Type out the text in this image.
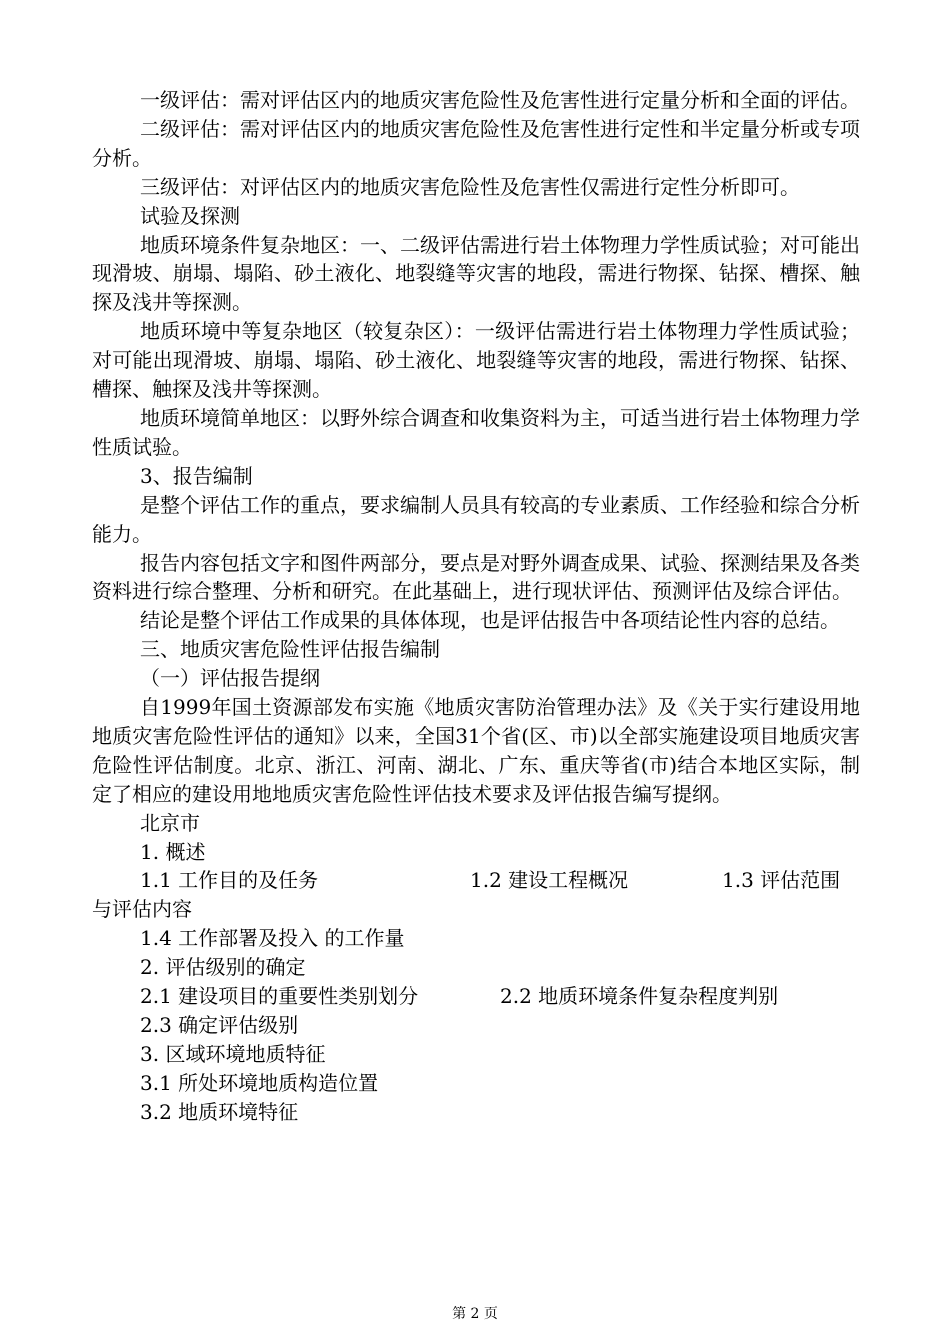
一级评估：需对评估区内的地质灾害危险性及危害性进行定量分析和全面的评估。

二级评估：需对评估区内的地质灾害危险性及危害性进行定性和半定量分析或专项分析。

三级评估：对评估区内的地质灾害危险性及危害性仅需进行定性分析即可。

试验及探测

地质环境条件复杂地区：一、二级评估需进行岩土体物理力学性质试验；对可能出现滑坡、崩塌、塌陷、砂土液化、地裂缝等灾害的地段，需进行物探、钻探、槽探、触探及浅井等探测。

地质环境中等复杂地区（较复杂区）：一级评估需进行岩土体物理力学性质试验；对可能出现滑坡、崩塌、塌陷、砂土液化、地裂缝等灾害的地段，需进行物探、钻探、槽探、触探及浅井等探测。

地质环境简单地区：以野外综合调查和收集资料为主，可适当进行岩土体物理力学性质试验。

3、报告编制

是整个评估工作的重点，要求编制人员具有较高的专业素质、工作经验和综合分析能力。

报告内容包括文字和图件两部分，要点是对野外调查成果、试验、探测结果及各类资料进行综合整理、分析和研究。在此基础上，进行现状评估、预测评估及综合评估。

结论是整个评估工作成果的具体体现，也是评估报告中各项结论性内容的总结。

三、地质灾害危险性评估报告编制

（一）评估报告提纲

自1999年国土资源部发布实施《地质灾害防治管理办法》及《关于实行建设用地地质灾害危险性评估的通知》以来，全国31个省(区、市)以全部实施建设项目地质灾害危险性评估制度。北京、浙江、河南、湖北、广东、重庆等省(市)结合本地区实际，制定了相应的建设用地地质灾害危险性评估技术要求及评估报告编写提纲。

北京市

1. 概述

1.1 工作目的及任务	1.2 建设工程概况	1.3 评估范围

与评估内容

1.4 工作部署及投入 的工作量

2. 评估级别的确定

2.1 建设项目的重要性类别划分	2.2 地质环境条件复杂程度判别

2.3 确定评估级别

3. 区域环境地质特征

3.1 所处环境地质构造位置

3.2 地质环境特征

第 2 页
